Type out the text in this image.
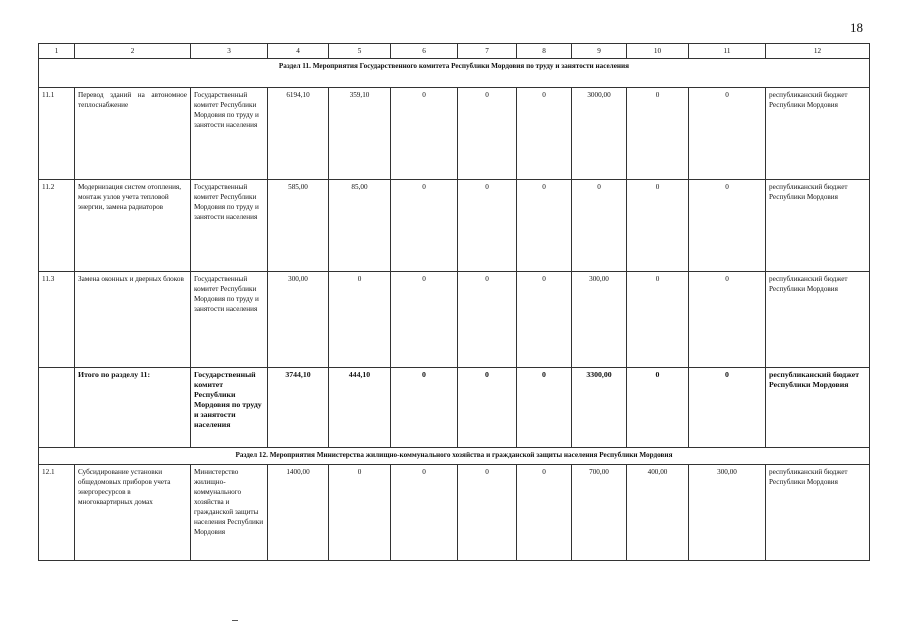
18
1	2	3	4	5	6	7	8	9	10	11	12
Раздел 11. Мероприятия Государственного комитета Республики Мордовия по труду и занятости населения											
11.1	Перевод зданий на автономное теплоснабжение	Государственный комитет Республики Мордовия по труду и занятости населения	6194,10	359,10	0	0	0	3000,00	0	0	республиканский бюджет Республики Мордовия
11.2	Модернизация систем отопления, монтаж узлов учета тепловой энергии, замена радиаторов	Государственный комитет Республики Мордовия по труду и занятости населения	585,00	85,00	0	0	0	0	0	0	республиканский бюджет Республики Мордовия
11.3	Замена оконных и дверных блоков	Государственный комитет Республики Мордовия по труду и занятости населения	300,00	0	0	0	0	300,00	0	0	республиканский бюджет Республики Мордовия
	Итого по разделу 11:	Государственный комитет Республики Мордовия по труду и занятости населения	3744,10	444,10	0	0	0	3300,00	0	0	республиканский бюджет Республики Мордовия
Раздел 12. Мероприятия Министерства жилищно-коммунального хозяйства и гражданской защиты населения Республики Мордовия											
12.1	Субсидирование установки общедомовых приборов учета энергоресурсов в многоквартирных домах	Министерство жилищно-коммунального хозяйства и гражданской защиты населения Республики Мордовия	1400,00	0	0	0	0	700,00	400,00	300,00	республиканский бюджет Республики Мордовия
